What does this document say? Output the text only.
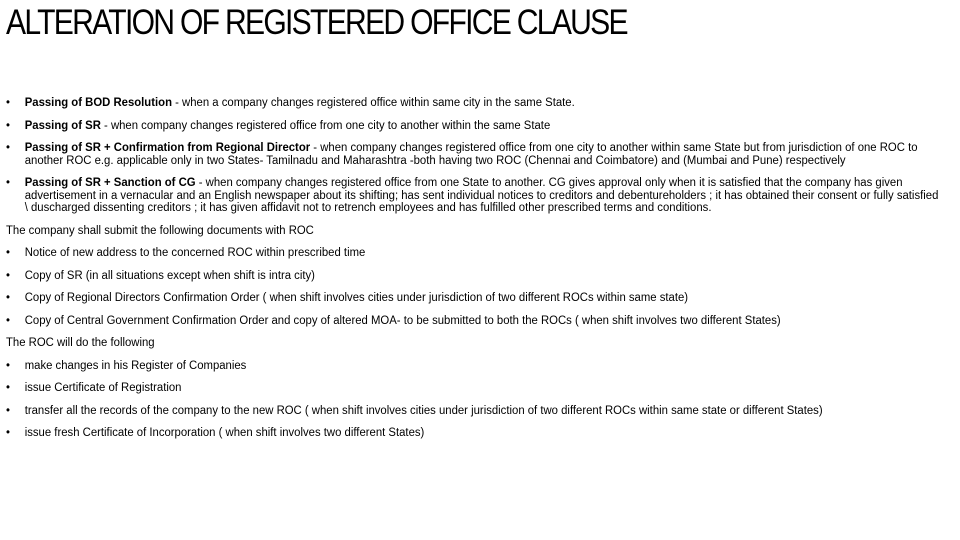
ALTERATION OF REGISTERED OFFICE CLAUSE
• Passing of BOD Resolution - when a company changes registered office within same city in the same State.
• Passing of SR - when company changes registered office from one city to another within the same State
• Passing of SR + Confirmation from Regional Director - when company changes registered office from one city to another within same State but from jurisdiction of one ROC to another ROC e.g. applicable only in two States- Tamilnadu and Maharashtra -both having two ROC (Chennai and Coimbatore) and (Mumbai and Pune) respectively
• Passing of SR + Sanction of CG - when company changes registered office from one State to another. CG gives approval only when it is satisfied that the company has given advertisement in a vernacular and an English newspaper about its shifting; has sent individual notices to creditors and debentureholders ; it has obtained their consent or fully satisfied \ duscharged dissenting creditors ; it has given affidavit not to retrench employees and has fulfilled other prescribed terms and conditions.
The company shall submit the following documents with ROC
• Notice of new address to the concerned ROC within prescribed time
• Copy of SR (in all situations except when shift is intra city)
• Copy of Regional Directors Confirmation Order ( when shift involves cities under jurisdiction of two different ROCs within same state)
• Copy of Central Government Confirmation Order and copy of altered MOA- to be submitted to both the ROCs ( when shift involves two different States)
The ROC will do the following
• make changes in his Register of Companies
• issue Certificate of Registration
• transfer all the records of the company to the new ROC ( when shift involves cities under jurisdiction of two different ROCs within same state or different States)
• issue fresh Certificate of Incorporation ( when shift involves two different States)
